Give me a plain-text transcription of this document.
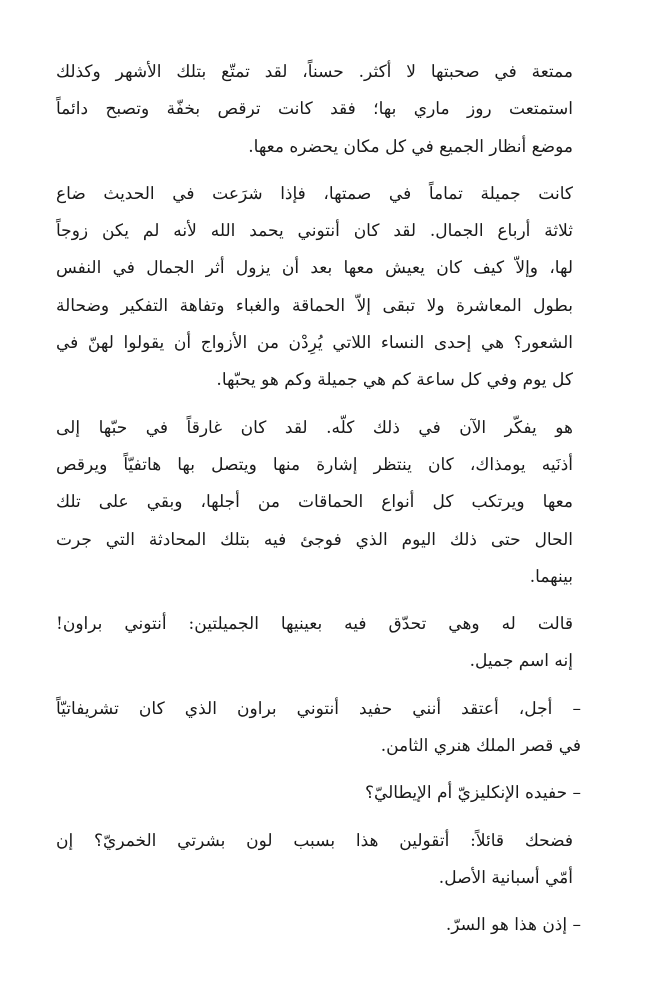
ممتعة في صحبتها لا أكثر. حسناً، لقد تمتّع بتلك الأشهر وكذلك
استمتعت روز ماري بها؛ فقد كانت ترقص بخفّة وتصبح دائماً
موضع أنظار الجميع في كل مكان يحضره معها.

كانت جميلة تماماً في صمتها، فإذا شرَعت في الحديث ضاع
ثلاثة أرباع الجمال. لقد كان أنتوني يحمد الله لأنه لم يكن زوجاً
لها، وإلاّ كيف كان يعيش معها بعد أن يزول أثر الجمال في النفس
بطول المعاشرة ولا تبقى إلاّ الحماقة والغباء وتفاهة التفكير وضحالة
الشعور؟ هي إحدى النساء اللاتي يُرِدْن من الأزواج أن يقولوا لهنّ في
كل يوم وفي كل ساعة كم هي جميلة وكم هو يحبّها.

هو يفكّر الآن في ذلك كلّه. لقد كان غارقاً في حبّها إلى
أذنَيه يومذاك، كان ينتظر إشارة منها ويتصل بها هاتفيّاً ويرقص
معها ويرتكب كل أنواع الحماقات من أجلها، وبقي على تلك
الحال حتى ذلك اليوم الذي فوجئ فيه بتلك المحادثة التي جرت
بينهما.

قالت له وهي تحدّق فيه بعينيها الجميلتين: أنتوني براون!
إنه اسم جميل.

– أجل، أعتقد أنني حفيد أنتوني براون الذي كان تشريفاتيّاً
في قصر الملك هنري الثامن.

– حفيده الإنكليزيّ أم الإيطاليّ؟

فضحك قائلاً: أتقولين هذا بسبب لون بشرتي الخمريّ؟ إن
أمّي أسبانية الأصل.

– إذن هذا هو السرّ.
